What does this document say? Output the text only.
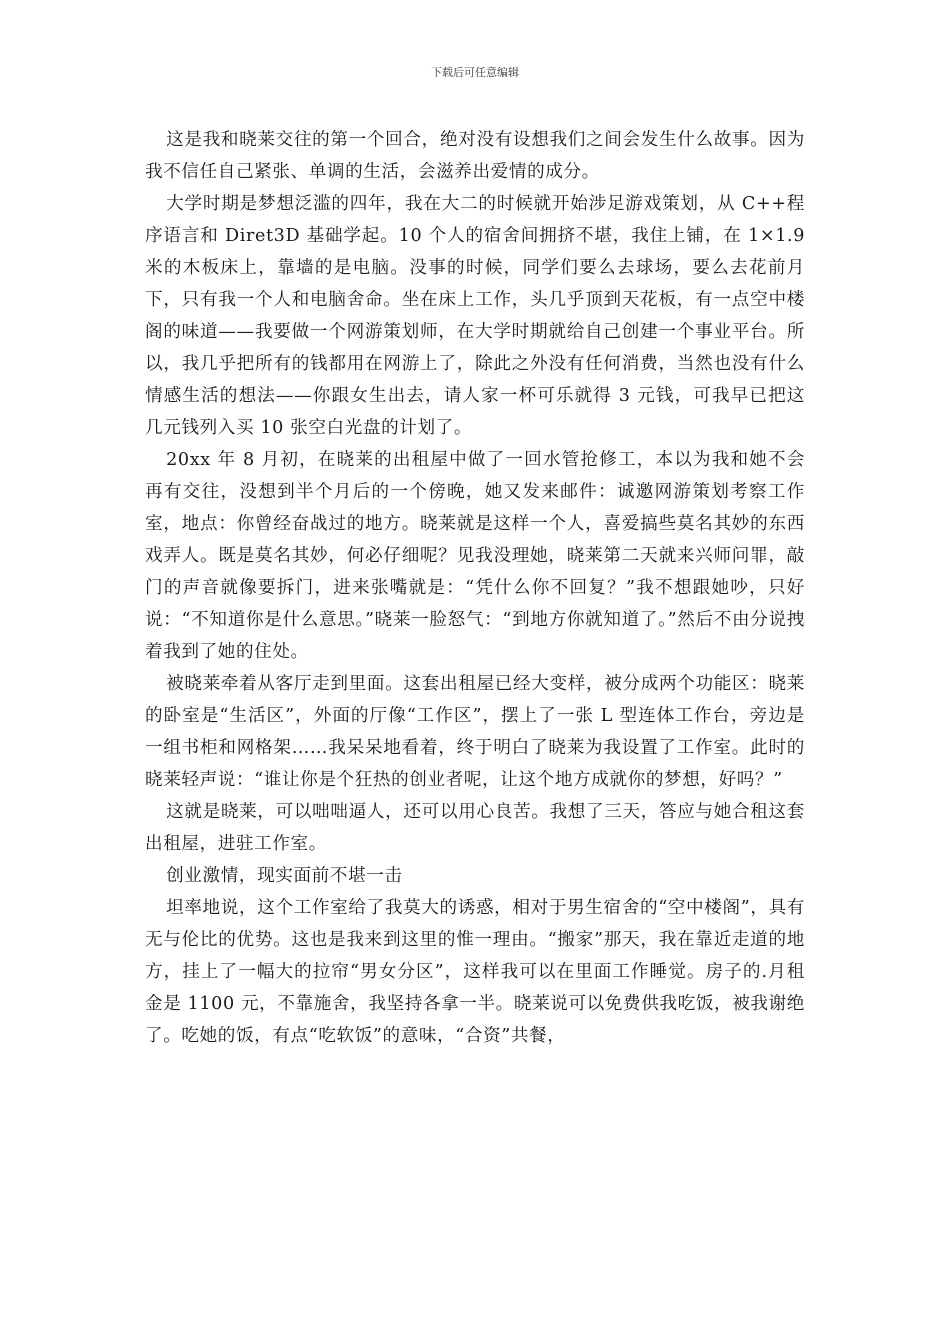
下载后可任意编辑

这是我和晓莱交往的第一个回合，绝对没有设想我们之间会发生什么故事。因为我不信任自己紧张、单调的生活，会滋养出爱情的成分。

大学时期是梦想泛滥的四年，我在大二的时候就开始涉足游戏策划，从 C++程序语言和 Diret3D 基础学起。10 个人的宿舍间拥挤不堪，我住上铺，在 1×1.9 米的木板床上，靠墙的是电脑。没事的时候，同学们要么去球场，要么去花前月下，只有我一个人和电脑舍命。坐在床上工作，头几乎顶到天花板，有一点空中楼阁的味道——我要做一个网游策划师，在大学时期就给自己创建一个事业平台。所以，我几乎把所有的钱都用在网游上了，除此之外没有任何消费，当然也没有什么情感生活的想法——你跟女生出去，请人家一杯可乐就得 3 元钱，可我早已把这几元钱列入买 10 张空白光盘的计划了。

20xx 年 8 月初，在晓莱的出租屋中做了一回水管抢修工，本以为我和她不会再有交往，没想到半个月后的一个傍晚，她又发来邮件：诚邀网游策划考察工作室，地点：你曾经奋战过的地方。晓莱就是这样一个人，喜爱搞些莫名其妙的东西戏弄人。既是莫名其妙，何必仔细呢？见我没理她，晓莱第二天就来兴师问罪，敲门的声音就像要拆门，进来张嘴就是：“凭什么你不回复？”我不想跟她吵，只好说：“不知道你是什么意思。”晓莱一脸怒气：“到地方你就知道了。”然后不由分说拽着我到了她的住处。

被晓莱牵着从客厅走到里面。这套出租屋已经大变样，被分成两个功能区：晓莱的卧室是“生活区”，外面的厅像“工作区”，摆上了一张 L 型连体工作台，旁边是一组书柜和网格架……我呆呆地看着，终于明白了晓莱为我设置了工作室。此时的晓莱轻声说：“谁让你是个狂热的创业者呢，让这个地方成就你的梦想，好吗？”

这就是晓莱，可以咄咄逼人，还可以用心良苦。我想了三天，答应与她合租这套出租屋，进驻工作室。

创业激情，现实面前不堪一击

坦率地说，这个工作室给了我莫大的诱惑，相对于男生宿舍的“空中楼阁”，具有无与伦比的优势。这也是我来到这里的惟一理由。“搬家”那天，我在靠近走道的地方，挂上了一幅大的拉帘“男女分区”，这样我可以在里面工作睡觉。房子的.月租金是 1100 元，不靠施舍，我坚持各拿一半。晓莱说可以免费供我吃饭，被我谢绝了。吃她的饭，有点“吃软饭”的意味，“合资”共餐，
